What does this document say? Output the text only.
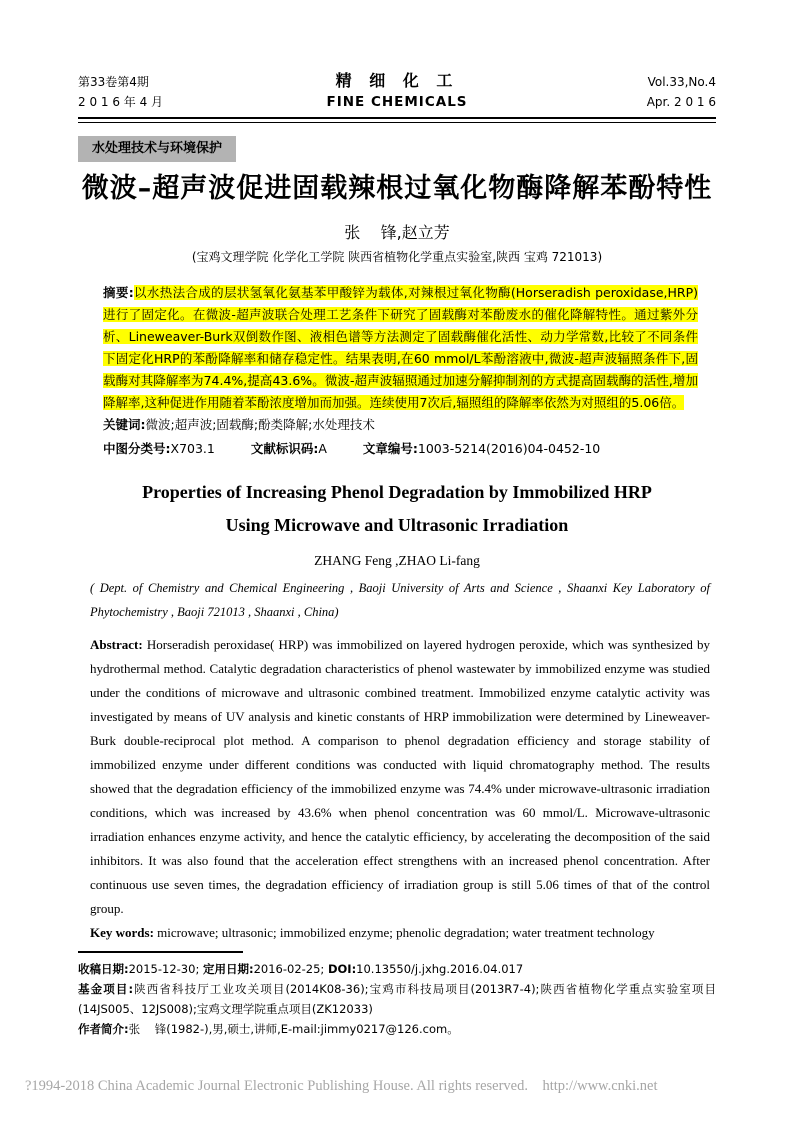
第33卷第4期
2 0 1 6 年 4 月
精 细 化 工
FINE CHEMICALS
Vol.33,No.4
Apr. 2 0 1 6
水处理技术与环境保护
微波–超声波促进固载辣根过氧化物酶降解苯酚特性
张    锋,赵立芳
(宝鸡文理学院 化学化工学院 陕西省植物化学重点实验室,陕西 宝鸡 721013)

摘要:以水热法合成的层状氢氧化氨基苯甲酸锌为载体,对辣根过氧化物酶(Horseradish peroxidase,HRP)进行了固定化。在微波-超声波联合处理工艺条件下研究了固载酶对苯酚废水的催化降解特性。通过紫外分析、Lineweaver-Burk双倒数作图、液相色谱等方法测定了固载酶催化活性、动力学常数,比较了不同条件下固定化HRP的苯酚降解率和储存稳定性。结果表明,在60 mmol/L苯酚溶液中,微波-超声波辐照条件下,固载酶对其降解率为74.4%,提高43.6%。微波-超声波辐照通过加速分解抑制剂的方式提高固载酶的活性,增加降解率,这种促进作用随着苯酚浓度增加而加强。连续使用7次后,辐照组的降解率依然为对照组的5.06倍。

关键词:微波;超声波;固载酶;酚类降解;水处理技术

中图分类号:X703.1	文献标识码:A	文章编号:1003-5214(2016)04-0452-10

Properties of Increasing Phenol Degradation by Immobilized HRP
Using Microwave and Ultrasonic Irradiation
ZHANG Feng ,ZHAO Li-fang
( Dept. of Chemistry and Chemical Engineering , Baoji University of Arts and Science , Shaanxi Key Laboratory of Phytochemistry , Baoji 721013 , Shaanxi , China)

Abstract: Horseradish peroxidase( HRP) was immobilized on layered hydrogen peroxide, which was synthesized by hydrothermal method. Catalytic degradation characteristics of phenol wastewater by immobilized enzyme was studied under the conditions of microwave and ultrasonic combined treatment. Immobilized enzyme catalytic activity was investigated by means of UV analysis and kinetic constants of HRP immobilization were determined by Lineweaver-Burk double-reciprocal plot method. A comparison to phenol degradation efficiency and storage stability of immobilized enzyme under different conditions was conducted with liquid chromatography method. The results showed that the degradation efficiency of the immobilized enzyme was 74.4% under microwave-ultrasonic irradiation conditions, which was increased by 43.6% when phenol concentration was 60 mmol/L. Microwave-ultrasonic irradiation enhances enzyme activity, and hence the catalytic efficiency, by accelerating the decomposition of the said inhibitors. It was also found that the acceleration effect strengthens with an increased phenol concentration. After continuous use seven times, the degradation efficiency of irradiation group is still 5.06 times of that of the control group.

Key words: microwave; ultrasonic; immobilized enzyme; phenolic degradation; water treatment technology

收稿日期:2015-12-30; 定用日期:2016-02-25; DOI:10.13550/j.jxhg.2016.04.017

基金项目:陕西省科技厅工业攻关项目(2014K08-36);宝鸡市科技局项目(2013R7-4);陕西省植物化学重点实验室项目(14JS005、12JS008);宝鸡文理学院重点项目(ZK12033)

作者简介:张    锋(1982-),男,硕士,讲师,E-mail:jimmy0217@126.com。

?1994-2018 China Academic Journal Electronic Publishing House. All rights reserved.    http://www.cnki.net
